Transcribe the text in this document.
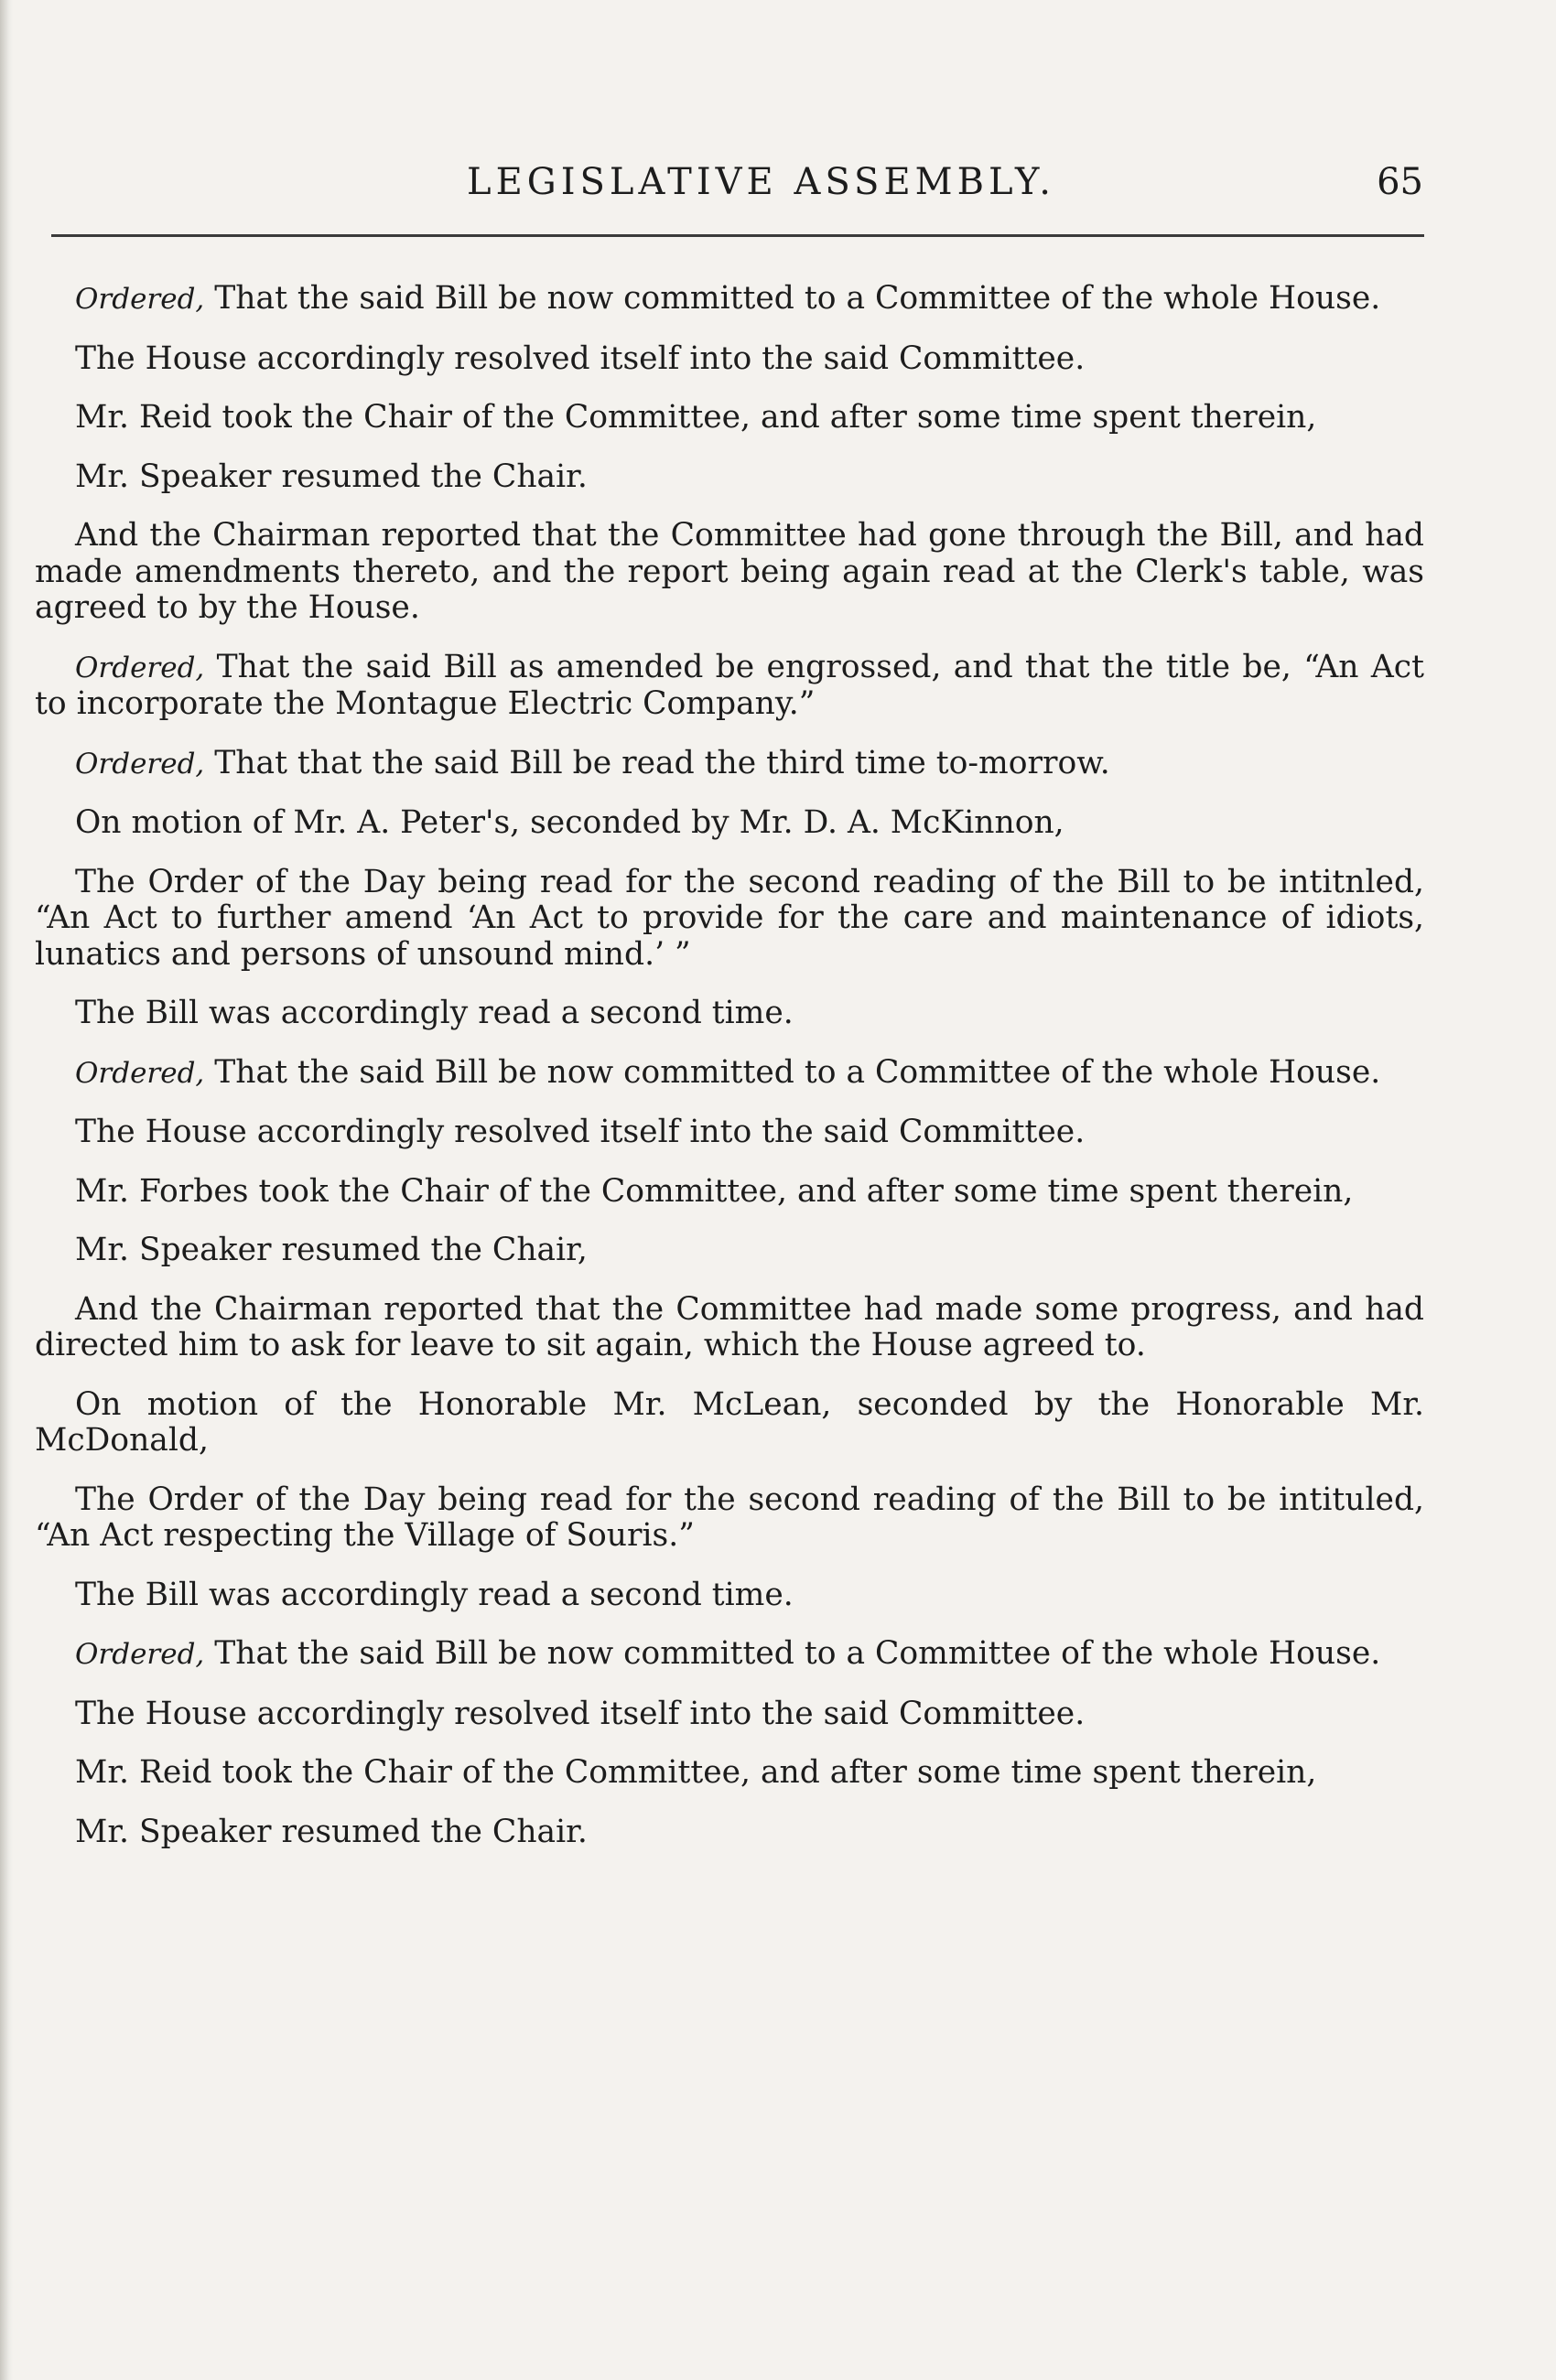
LEGISLATIVE ASSEMBLY.	65

Ordered, That the said Bill be now committed to a Committee of the whole House.

The House accordingly resolved itself into the said Committee.

Mr. Reid took the Chair of the Committee, and after some time spent therein,

Mr. Speaker resumed the Chair.

And the Chairman reported that the Committee had gone through the Bill, and had made amendments thereto, and the report being again read at the Clerk's table, was agreed to by the House.

Ordered, That the said Bill as amended be engrossed, and that the title be, “An Act to incorporate the Montague Electric Company.”

Ordered, That that the said Bill be read the third time to-morrow.

On motion of Mr. A. Peter's, seconded by Mr. D. A. McKinnon,

The Order of the Day being read for the second reading of the Bill to be intitnled, “An Act to further amend ‘An Act to provide for the care and maintenance of idiots, lunatics and persons of unsound mind.’ ”

The Bill was accordingly read a second time.

Ordered, That the said Bill be now committed to a Committee of the whole House.

The House accordingly resolved itself into the said Committee.

Mr. Forbes took the Chair of the Committee, and after some time spent therein,

Mr. Speaker resumed the Chair,

And the Chairman reported that the Committee had made some progress, and had directed him to ask for leave to sit again, which the House agreed to.

On motion of the Honorable Mr. McLean, seconded by the Honorable Mr. McDonald,

The Order of the Day being read for the second reading of the Bill to be intituled, “An Act respecting the Village of Souris.”

The Bill was accordingly read a second time.

Ordered, That the said Bill be now committed to a Committee of the whole House.

The House accordingly resolved itself into the said Committee.

Mr. Reid took the Chair of the Committee, and after some time spent therein,

Mr. Speaker resumed the Chair.
